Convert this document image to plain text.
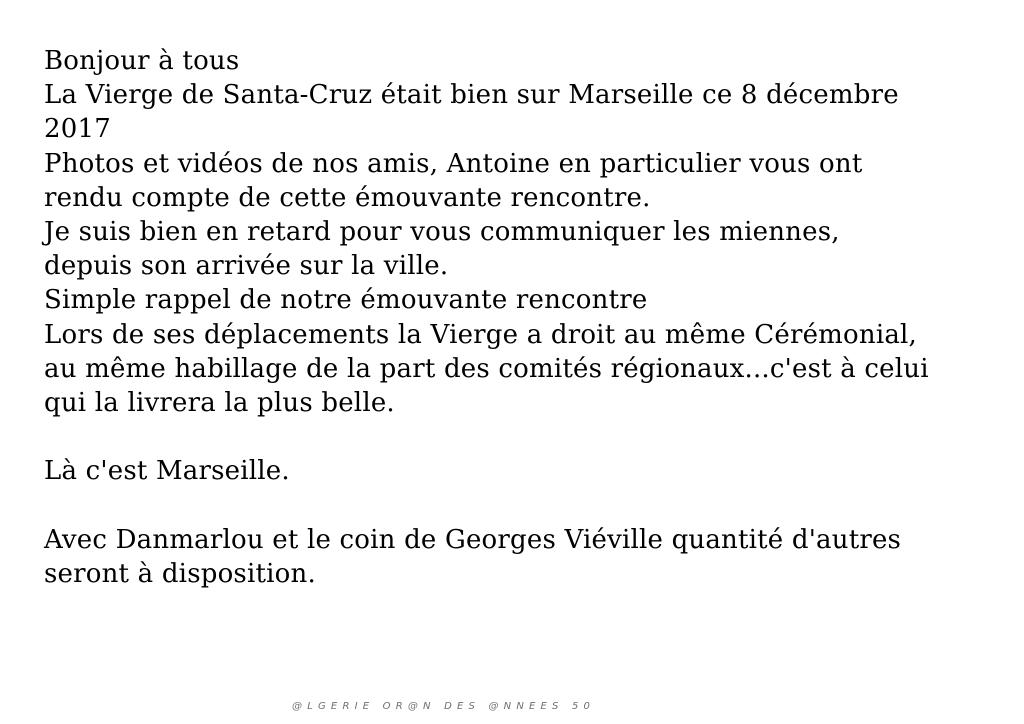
Bonjour à tous
La Vierge de Santa-Cruz était bien sur Marseille ce 8 décembre
2017
Photos et vidéos de nos amis, Antoine en particulier vous ont
rendu compte de cette émouvante rencontre.
Je suis bien en retard pour vous communiquer les miennes,
depuis son arrivée sur la ville.
Simple rappel de notre émouvante rencontre
Lors de ses déplacements la Vierge a droit au même Cérémonial,
au même habillage de la part des comités régionaux...c'est à celui
qui la livrera la plus belle.
Là c'est Marseille.
Avec Danmarlou et le coin de Georges Viéville quantité d'autres
seront à disposition.
@LGERIE OR@N DES @NNEES 50
